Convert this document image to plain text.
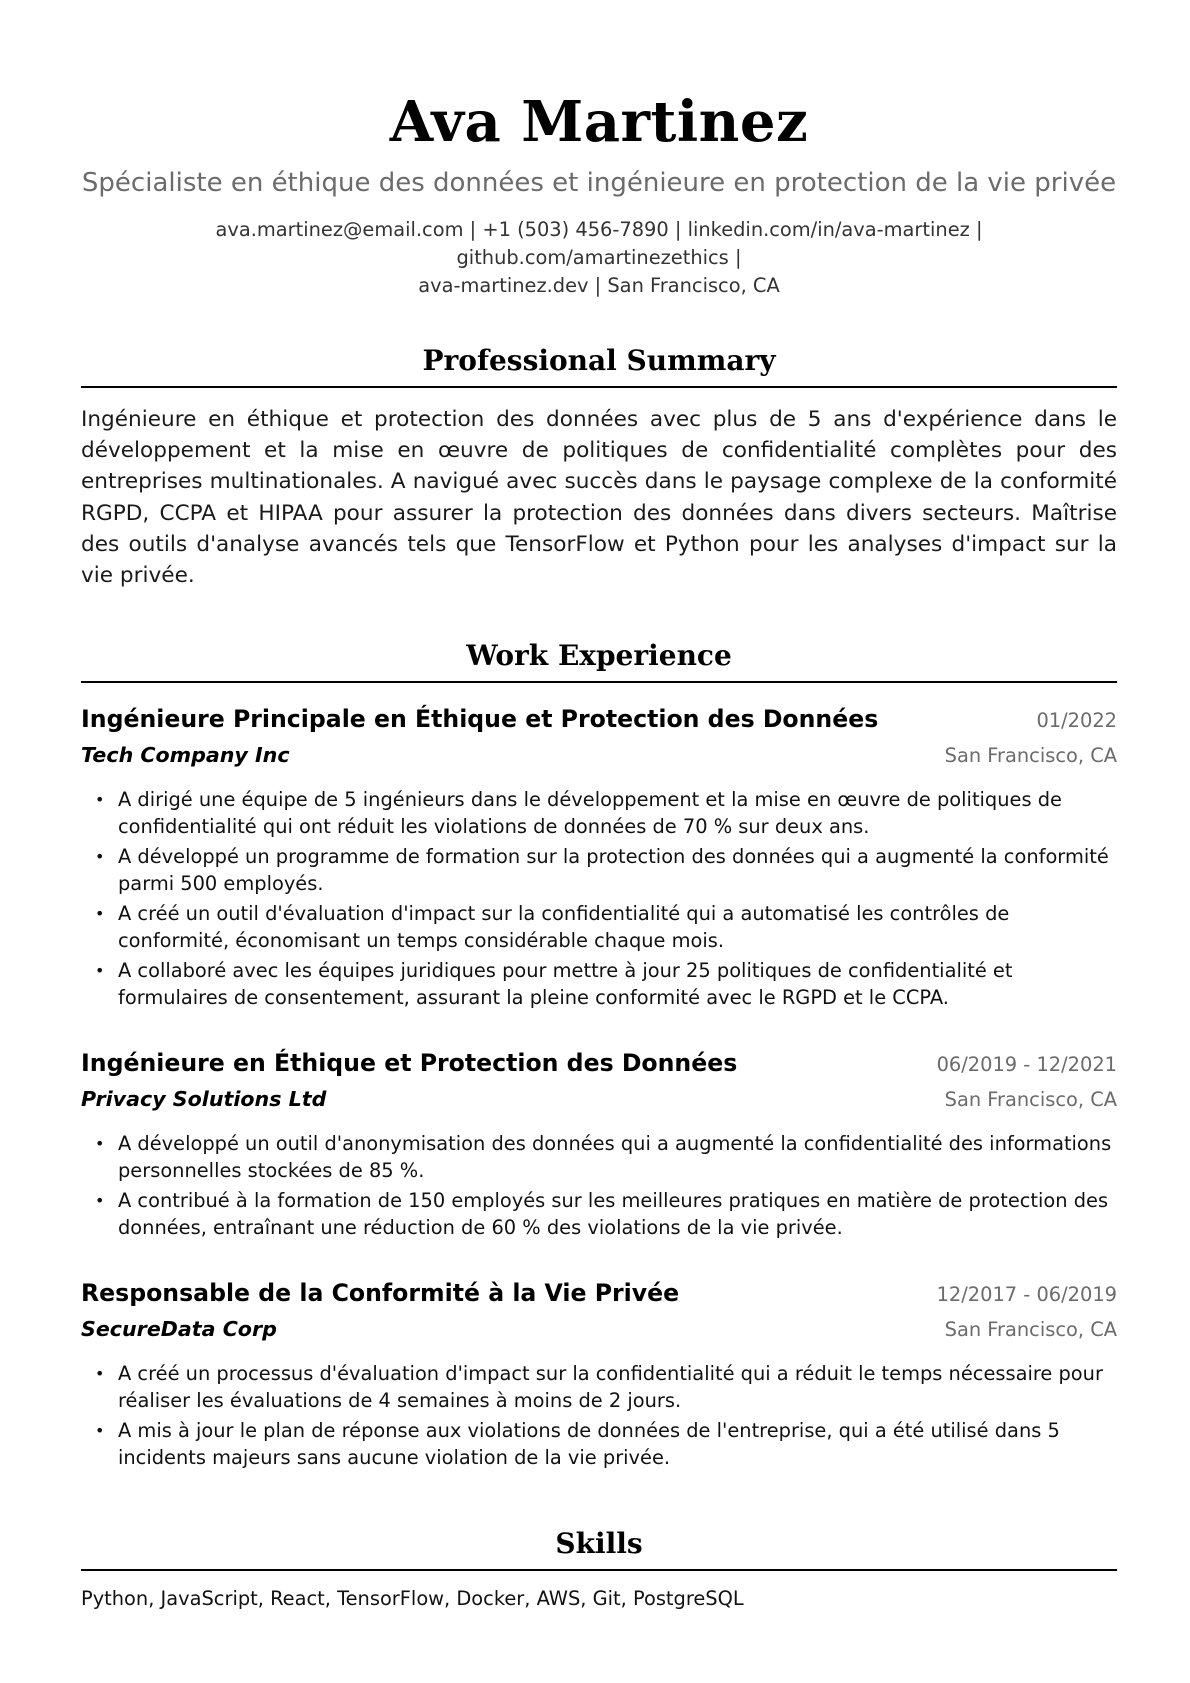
Ava Martinez
Spécialiste en éthique des données et ingénieure en protection de la vie privée
ava.martinez@email.com | +1 (503) 456-7890 | linkedin.com/in/ava-martinez | github.com/amartinezethics |
ava-martinez.dev | San Francisco, CA
Professional Summary

Ingénieure en éthique et protection des données avec plus de 5 ans d'expérience dans le développement et la mise en œuvre de politiques de confidentialité complètes pour des entreprises multinationales. A navigué avec succès dans le paysage complexe de la conformité RGPD, CCPA et HIPAA pour assurer la protection des données dans divers secteurs. Maîtrise des outils d'analyse avancés tels que TensorFlow et Python pour les analyses d'impact sur la vie privée.

Work Experience
Ingénieure Principale en Éthique et Protection des Données	01/2022
Tech Company Inc	San Francisco, CA
• A dirigé une équipe de 5 ingénieurs dans le développement et la mise en œuvre de politiques de confidentialité qui ont réduit les violations de données de 70 % sur deux ans.
• A développé un programme de formation sur la protection des données qui a augmenté la conformité parmi 500 employés.
• A créé un outil d'évaluation d'impact sur la confidentialité qui a automatisé les contrôles de conformité, économisant un temps considérable chaque mois.
• A collaboré avec les équipes juridiques pour mettre à jour 25 politiques de confidentialité et formulaires de consentement, assurant la pleine conformité avec le RGPD et le CCPA.
Ingénieure en Éthique et Protection des Données	06/2019 - 12/2021
Privacy Solutions Ltd	San Francisco, CA
• A développé un outil d'anonymisation des données qui a augmenté la confidentialité des informations personnelles stockées de 85 %.
• A contribué à la formation de 150 employés sur les meilleures pratiques en matière de protection des données, entraînant une réduction de 60 % des violations de la vie privée.
Responsable de la Conformité à la Vie Privée	12/2017 - 06/2019
SecureData Corp	San Francisco, CA
• A créé un processus d'évaluation d'impact sur la confidentialité qui a réduit le temps nécessaire pour réaliser les évaluations de 4 semaines à moins de 2 jours.
• A mis à jour le plan de réponse aux violations de données de l'entreprise, qui a été utilisé dans 5 incidents majeurs sans aucune violation de la vie privée.
Skills
Python, JavaScript, React, TensorFlow, Docker, AWS, Git, PostgreSQL
